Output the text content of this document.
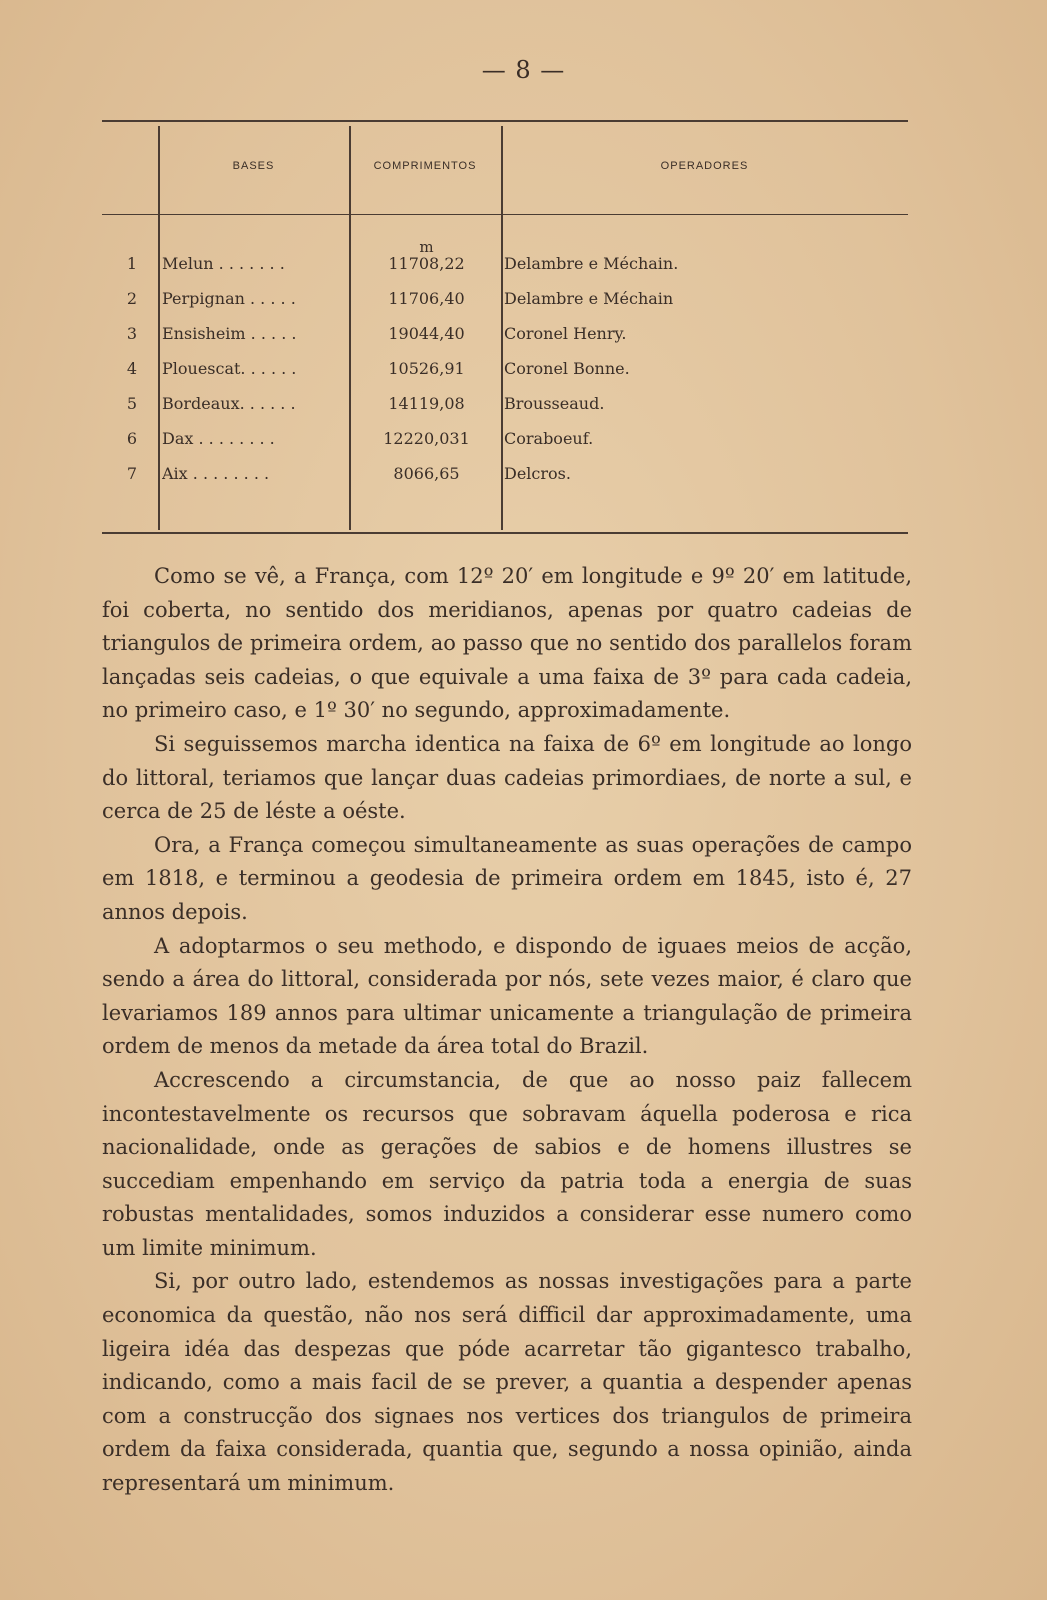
— 8 —
BASES	COMPRIMENTOS	OPERADORES
m
1 Melun . . . . . . .	11708,22	Delambre e Méchain.
2 Perpignan . . . . .	11706,40	Delambre e Méchain
3 Ensisheim . . . . .	19044,40	Coronel Henry.
4 Plouescat. . . . . .	10526,91	Coronel Bonne.
5 Bordeaux. . . . . .	14119,08	Brousseaud.
6 Dax . . . . . . . .	12220,031	Coraboeuf.
7 Aix . . . . . . . .	8066,65	Delcros.

Como se vê, a França, com 12º 20′ em longitude e 9º 20′ em latitude, foi coberta, no sentido dos meridianos, apenas por quatro cadeias de triangulos de primeira ordem, ao passo que no sentido dos parallelos foram lançadas seis cadeias, o que equivale a uma faixa de 3º para cada cadeia, no primeiro caso, e 1º 30′ no segundo, approximadamente.

Si seguissemos marcha identica na faixa de 6º em longitude ao longo do littoral, teriamos que lançar duas cadeias primordiaes, de norte a sul, e cerca de 25 de léste a oéste.

Ora, a França começou simultaneamente as suas operações de campo em 1818, e terminou a geodesia de primeira ordem em 1845, isto é, 27 annos depois.

A adoptarmos o seu methodo, e dispondo de iguaes meios de acção, sendo a área do littoral, considerada por nós, sete vezes maior, é claro que levariamos 189 annos para ultimar unicamente a triangulação de primeira ordem de menos da metade da área total do Brazil.

Accrescendo a circumstancia, de que ao nosso paiz fallecem incontestavelmente os recursos que sobravam áquella poderosa e rica nacionalidade, onde as gerações de sabios e de homens illustres se succediam empenhando em serviço da patria toda a energia de suas robustas mentalidades, somos induzidos a considerar esse numero como um limite minimum.

Si, por outro lado, estendemos as nossas investigações para a parte economica da questão, não nos será difficil dar approximadamente, uma ligeira idéa das despezas que póde acarretar tão gigantesco trabalho, indicando, como a mais facil de se prever, a quantia a despender apenas com a construcção dos signaes nos vertices dos triangulos de primeira ordem da faixa considerada, quantia que, segundo a nossa opinião, ainda representará um minimum.
